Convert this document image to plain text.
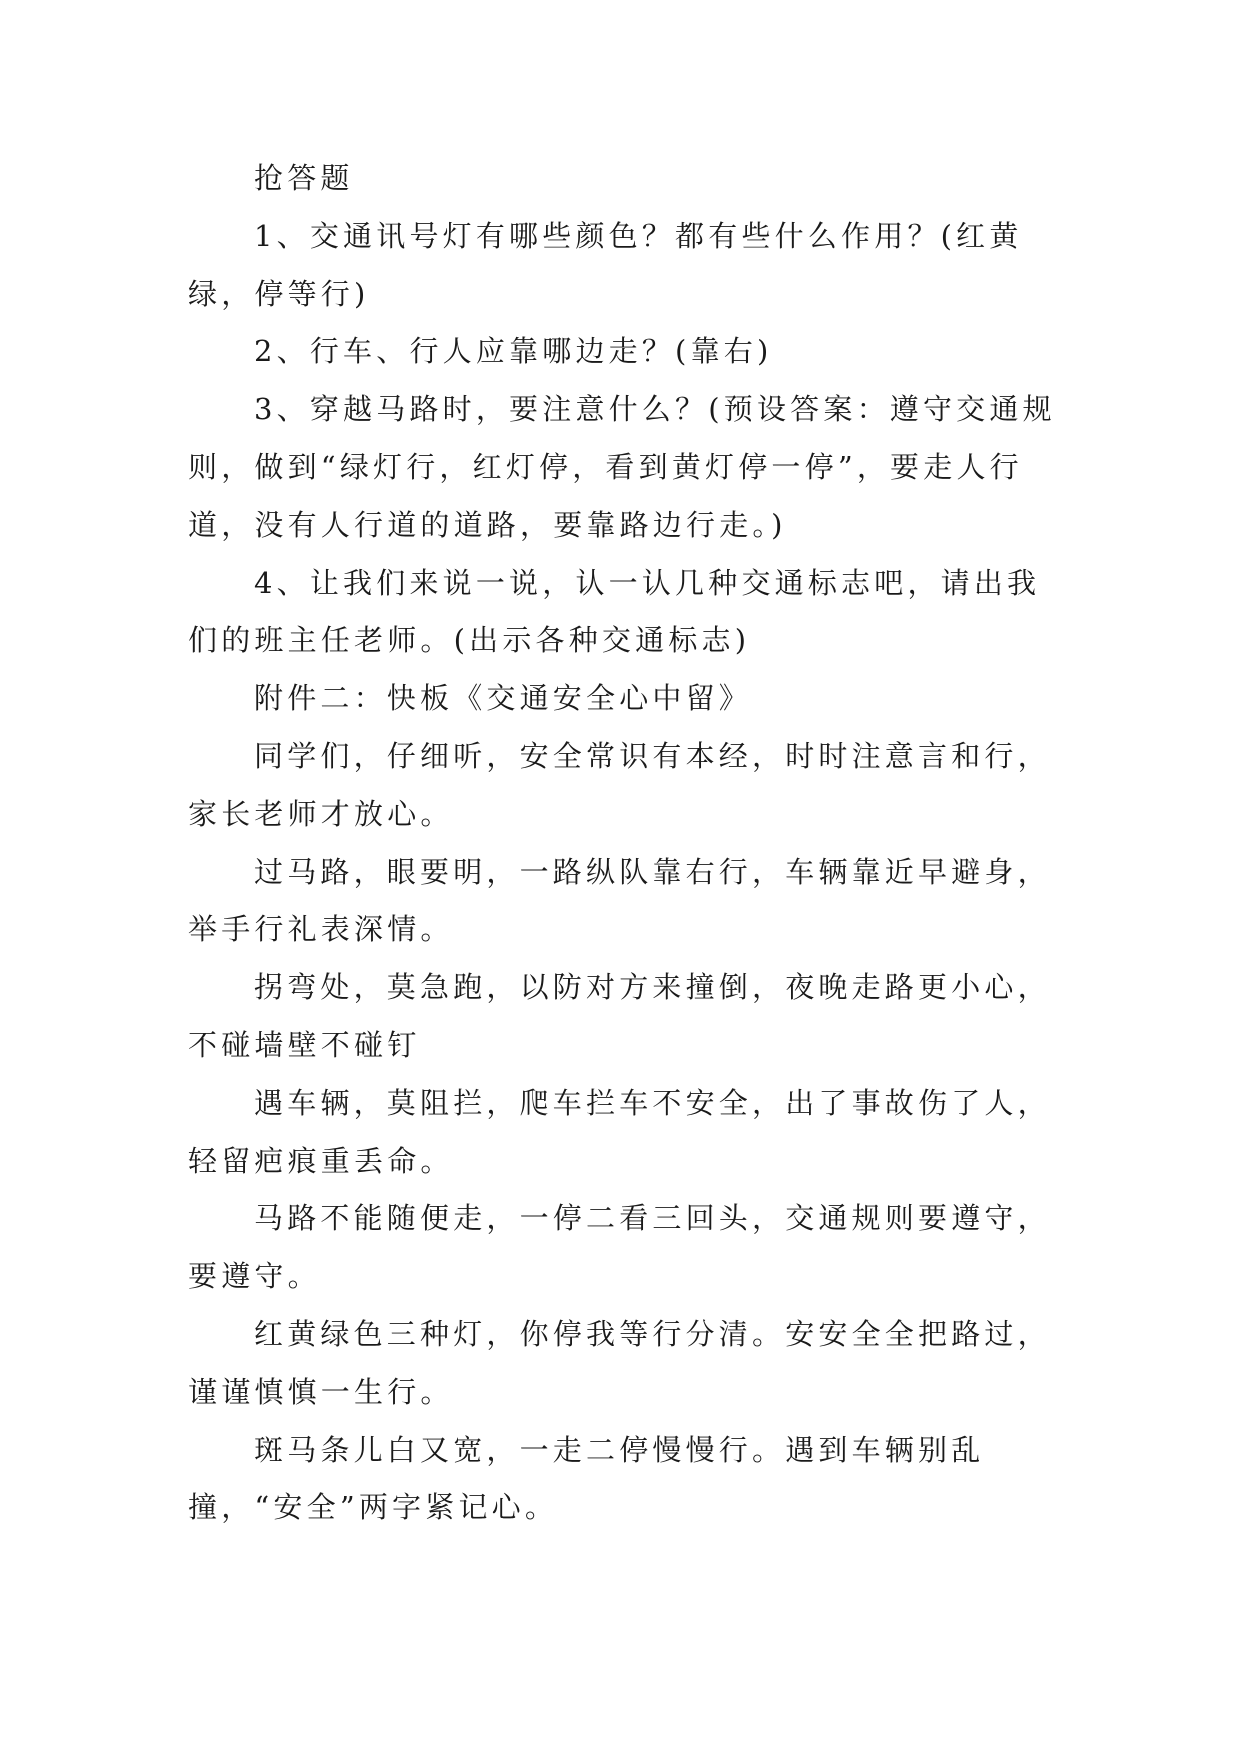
抢答题

1、交通讯号灯有哪些颜色？都有些什么作用？(红黄绿，停等行)

2、行车、行人应靠哪边走？(靠右)

3、穿越马路时，要注意什么？(预设答案：遵守交通规则，做到“绿灯行，红灯停，看到黄灯停一停”，要走人行道，没有人行道的道路，要靠路边行走。)

4、让我们来说一说，认一认几种交通标志吧，请出我们的班主任老师。(出示各种交通标志)

附件二：快板《交通安全心中留》

同学们，仔细听，安全常识有本经，时时注意言和行，家长老师才放心。

过马路，眼要明，一路纵队靠右行，车辆靠近早避身，举手行礼表深情。

拐弯处，莫急跑，以防对方来撞倒，夜晚走路更小心，不碰墙壁不碰钉

遇车辆，莫阻拦，爬车拦车不安全，出了事故伤了人，轻留疤痕重丢命。

马路不能随便走，一停二看三回头，交通规则要遵守，要遵守。

红黄绿色三种灯，你停我等行分清。安安全全把路过，谨谨慎慎一生行。

斑马条儿白又宽，一走二停慢慢行。遇到车辆别乱撞，“安全”两字紧记心。
